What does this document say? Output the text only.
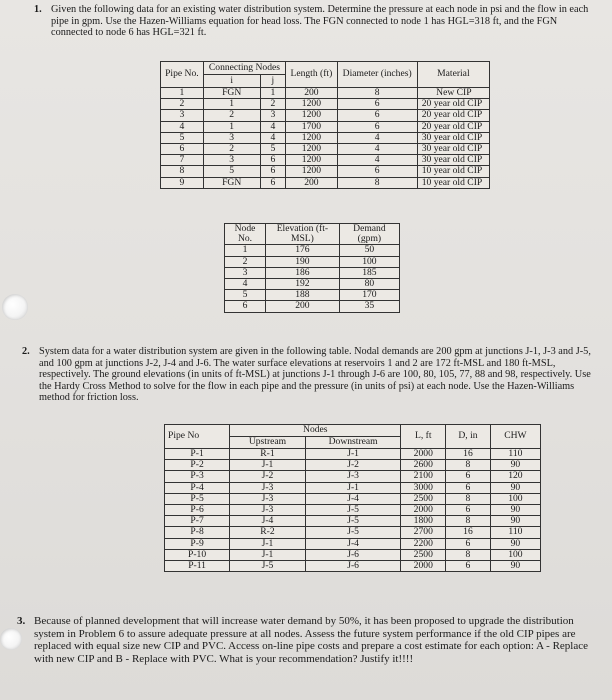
1. Given the following data for an existing water distribution system. Determine the pressure at each node in psi and the flow in each pipe in gpm. Use the Hazen-Williams equation for head loss. The FGN connected to node 1 has HGL=318 ft, and the FGN connected to node 6 has HGL=321 ft.
Pipe No.	Connecting Nodes		Length (ft)	Diameter (inches)	Material
	i	j			
1	FGN	1	200	8	New CIP
2	1	2	1200	6	20 year old CIP
3	2	3	1200	6	20 year old CIP
4	1	4	1700	6	20 year old CIP
5	3	4	1200	4	30 year old CIP
6	2	5	1200	4	30 year old CIP
7	3	6	1200	4	30 year old CIP
8	5	6	1200	6	10 year old CIP
9	FGN	6	200	8	10 year old CIP
Node No.	Elevation (ft-MSL)	Demand (gpm)
1	176	50
2	190	100
3	186	185
4	192	80
5	188	170
6	200	35
2. System data for a water distribution system are given in the following table. Nodal demands are 200 gpm at junctions J-1, J-3 and J-5, and 100 gpm at junctions J-2, J-4 and J-6. The water surface elevations at reservoirs 1 and 2 are 172 ft-MSL and 180 ft-MSL, respectively. The ground elevations (in units of ft-MSL) at junctions J-1 through J-6 are 100, 80, 105, 77, 88 and 98, respectively. Use the Hardy Cross Method to solve for the flow in each pipe and the pressure (in units of psi) at each node. Use the Hazen-Williams method for friction loss.
Pipe No	Nodes		L, ft	D, in	CHW
	Upstream	Downstream			
P-1	R-1	J-1	2000	16	110
P-2	J-1	J-2	2600	8	90
P-3	J-2	J-3	2100	6	120
P-4	J-3	J-1	3000	6	90
P-5	J-3	J-4	2500	8	100
P-6	J-3	J-5	2000	6	90
P-7	J-4	J-5	1800	8	90
P-8	R-2	J-5	2700	16	110
P-9	J-1	J-4	2200	6	90
P-10	J-1	J-6	2500	8	100
P-11	J-5	J-6	2000	6	90
3. Because of planned development that will increase water demand by 50%, it has been proposed to upgrade the distribution system in Problem 6 to assure adequate pressure at all nodes. Assess the future system performance if the old CIP pipes are replaced with equal size new CIP and PVC. Access on-line pipe costs and prepare a cost estimate for each option: A - Replace with new CIP and B - Replace with PVC. What is your recommendation? Justify it!!!!
